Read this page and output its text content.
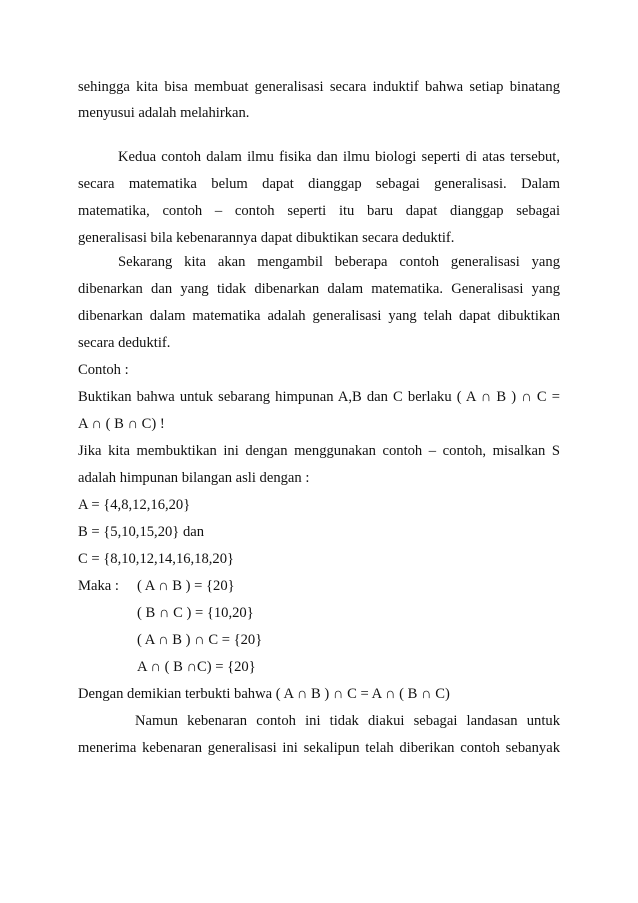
sehingga kita bisa membuat generalisasi secara induktif bahwa setiap binatang
menyusui adalah melahirkan.
Kedua contoh dalam ilmu fisika dan ilmu biologi seperti di atas tersebut,
secara matematika belum dapat dianggap sebagai generalisasi. Dalam
matematika, contoh – contoh seperti itu baru dapat dianggap sebagai
generalisasi bila kebenarannya dapat dibuktikan secara deduktif.
Sekarang kita akan mengambil beberapa contoh generalisasi yang
dibenarkan dan yang tidak dibenarkan dalam matematika. Generalisasi yang
dibenarkan dalam matematika adalah generalisasi yang telah dapat dibuktikan
secara deduktif.
Contoh :
Buktikan bahwa untuk sebarang himpunan A,B dan C berlaku ( A ∩ B ) ∩ C =
A ∩ ( B ∩ C) !
Jika kita membuktikan ini dengan menggunakan contoh – contoh, misalkan S
adalah himpunan bilangan asli dengan :
A = {4,8,12,16,20}
B = {5,10,15,20} dan
C = {8,10,12,14,16,18,20}
Maka : ( A ∩ B ) = {20}
( B ∩ C ) = {10,20}
( A ∩ B ) ∩ C = {20}
A ∩ ( B ∩C) = {20}
Dengan demikian terbukti bahwa ( A ∩ B ) ∩ C = A ∩ ( B ∩ C)
Namun kebenaran contoh ini tidak diakui sebagai landasan untuk
menerima kebenaran generalisasi ini sekalipun telah diberikan contoh sebanyak
